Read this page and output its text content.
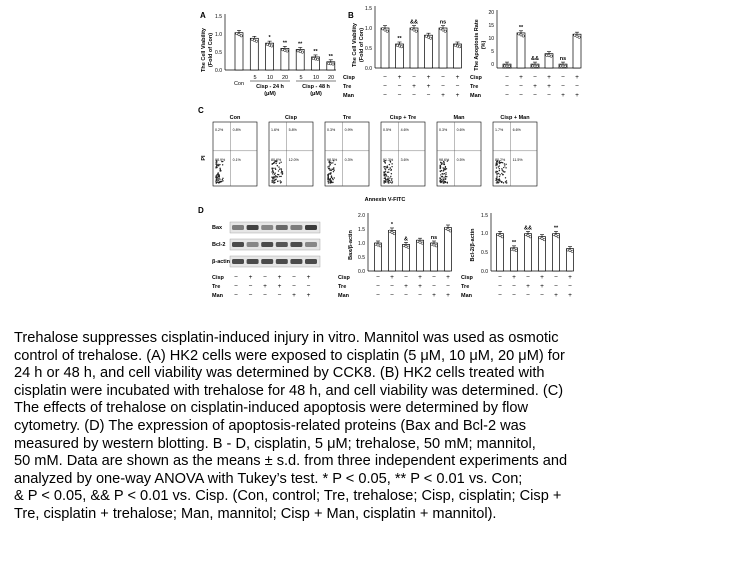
A
The Cell Viability (Fold of Con)
1.5
1.0
0.5
0.0
*
** **
**
**
Con
5 10 20 5 10 20
Cisp - 24 h
(μM)
Cisp - 48 h
(μM)
B
The Cell Viability (Fold of Con)
1.5
1.0
0.5
0.0
**
&&	ns	The Apoptosis Rate (%)
20
15
10
5
0
**
&&	ns
Cisp
Tre
Man
Cisp
Tre
Man
− + − + − +
− − + + − −
− − − − + +
− + − + − +
− − + + − −
− − − − + +
C
PI
Annexin V-FITC
Con
0.2%	0.8%
98.9% 0.1%
Cisp
1.6%	5.8%
80.6% 12.0%
Tre
0.3%	0.9%
98.5% 0.3%
Cisp + Tre
0.5%	4.6%
91.3% 3.6%
Man
0.3%	0.6%
98.6% 0.5%
Cisp + Man
1.7%	6.6%
80.2% 11.5%
D
Bax
Bcl-2
β-actin
Cisp
Tre
Man
Bax/β-actin
2.0
1.5
1.0
0.5
0.0
*
&	ns
Cisp
Tre
Man
Bcl-2/β-actin
1.5
1.0
0.5
0.0
**
&&	**
Cisp
Tre
Man
− + − + − +
− − + + − −
− − − − + +
− + − + − +
− − + + − −
− − − − + +
− + − + − +
− − + + − −
− − − − + +
Trehalose suppresses cisplatin-induced injury in vitro. Mannitol was used as osmotic
control of trehalose. (A) HK2 cells were exposed to cisplatin (5 μM, 10 μM, 20 μM) for
24 h or 48 h, and cell viability was determined by CCK8. (B) HK2 cells treated with
cisplatin were incubated with trehalose for 48 h, and cell viability was determined. (C)
The effects of trehalose on cisplatin-induced apoptosis were determined by flow
cytometry. (D) The expression of apoptosis-related proteins (Bax and Bcl-2 was
measured by western blotting. B - D, cisplatin, 5 μM; trehalose, 50 mM; mannitol,
50 mM. Data are shown as the means ± s.d. from three independent experiments and
analyzed by one-way ANOVA with Tukey’s test. * P < 0.05, ** P < 0.01 vs. Con;
& P < 0.05, && P < 0.01 vs. Cisp. (Con, control; Tre, trehalose; Cisp, cisplatin; Cisp +
Tre, cisplatin + trehalose; Man, mannitol; Cisp + Man, cisplatin + mannitol).
